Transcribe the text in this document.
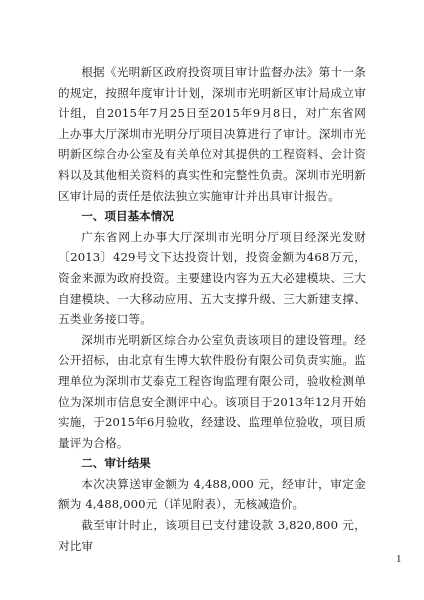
根据《光明新区政府投资项目审计监督办法》第十一条的规定，按照年度审计计划，深圳市光明新区审计局成立审计组，自2015年7月25日至2015年9月8日，对广东省网上办事大厅深圳市光明分厅项目决算进行了审计。深圳市光明新区综合办公室及有关单位对其提供的工程资料、会计资料以及其他相关资料的真实性和完整性负责。深圳市光明新区审计局的责任是依法独立实施审计并出具审计报告。

一、项目基本情况

广东省网上办事大厅深圳市光明分厅项目经深光发财〔2013〕429号文下达投资计划，投资金额为468万元，资金来源为政府投资。主要建设内容为五大必建模块、三大自建模块、一大移动应用、五大支撑升级、三大新建支撑、五类业务接口等。

深圳市光明新区综合办公室负责该项目的建设管理。经公开招标，由北京有生博大软件股份有限公司负责实施。监理单位为深圳市艾泰克工程咨询监理有限公司，验收检测单位为深圳市信息安全测评中心。该项目于2013年12月开始实施，于2015年6月验收，经建设、监理单位验收，项目质量评为合格。

二、审计结果

本次决算送审金额为 4,488,000 元，经审计，审定金额为 4,488,000元（详见附表），无核减造价。

截至审计时止，该项目已支付建设款 3,820,800 元，对比审

1
